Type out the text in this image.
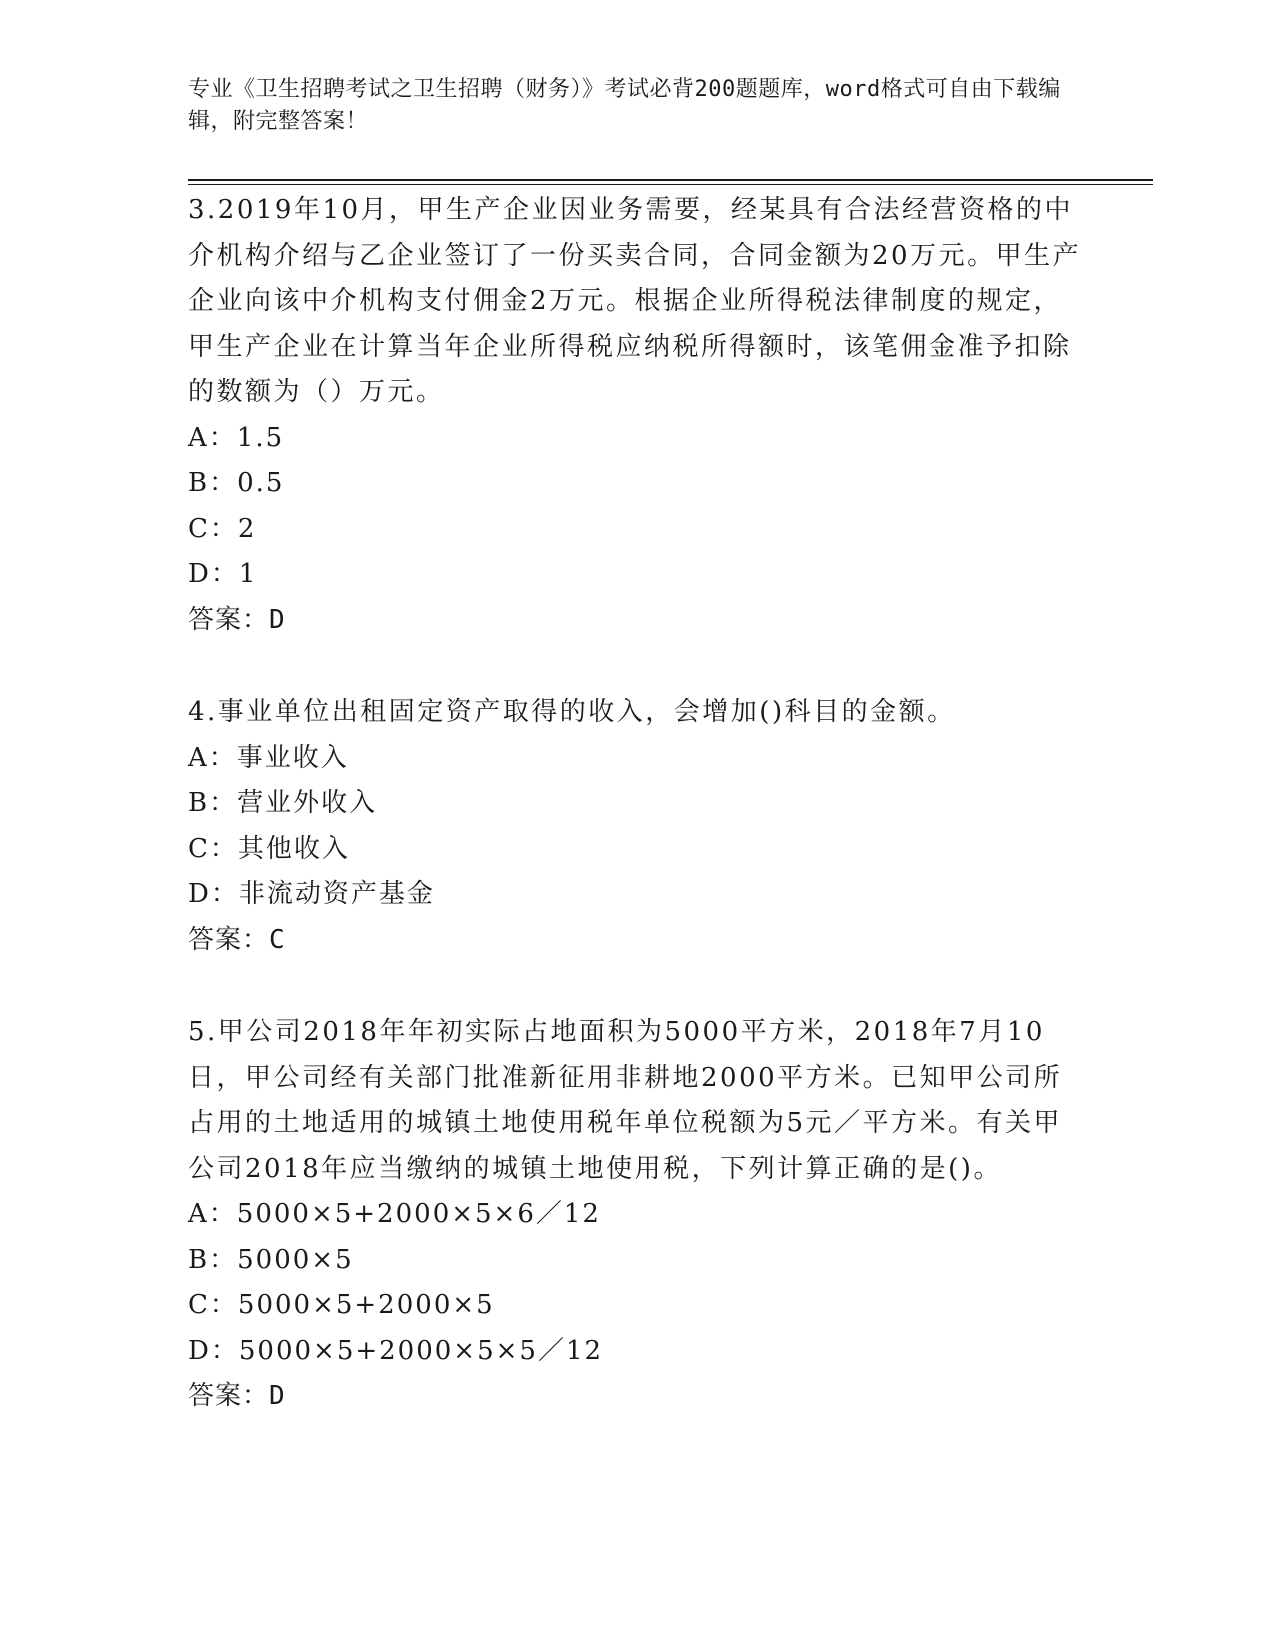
专业《卫生招聘考试之卫生招聘（财务）》考试必背200题题库，word格式可自由下载编辑，附完整答案！

3.2019年10月，甲生产企业因业务需要，经某具有合法经营资格的中介机构介绍与乙企业签订了一份买卖合同，合同金额为20万元。甲生产企业向该中介机构支付佣金2万元。根据企业所得税法律制度的规定，甲生产企业在计算当年企业所得税应纳税所得额时，该笔佣金准予扣除的数额为（）万元。

A：1.5

B：0.5

C：2

D：1

答案：D

4.事业单位出租固定资产取得的收入，会增加()科目的金额。

A：事业收入

B：营业外收入

C：其他收入

D：非流动资产基金

答案：C

5.甲公司2018年年初实际占地面积为5000平方米，2018年7月10日，甲公司经有关部门批准新征用非耕地2000平方米。已知甲公司所占用的土地适用的城镇土地使用税年单位税额为5元／平方米。有关甲公司2018年应当缴纳的城镇土地使用税，下列计算正确的是()。

A：5000×5+2000×5×6／12

B：5000×5

C：5000×5+2000×5

D：5000×5+2000×5×5／12

答案：D
